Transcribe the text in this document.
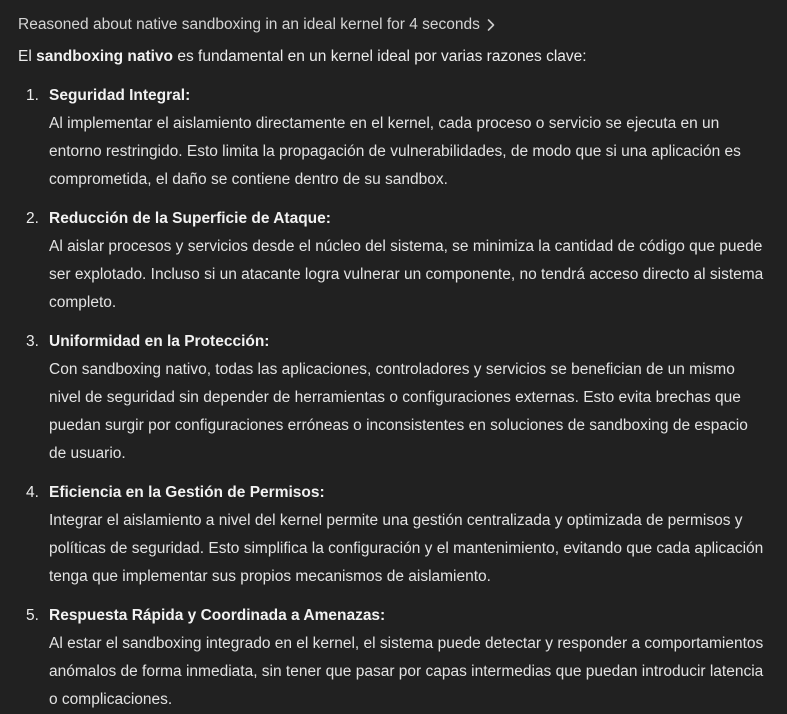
Reasoned about native sandboxing in an ideal kernel for 4 seconds
El sandboxing nativo es fundamental en un kernel ideal por varias razones clave:
1. Seguridad Integral:
Al implementar el aislamiento directamente en el kernel, cada proceso o servicio se ejecuta en un entorno restringido. Esto limita la propagación de vulnerabilidades, de modo que si una aplicación es comprometida, el daño se contiene dentro de su sandbox.
2. Reducción de la Superficie de Ataque:
Al aislar procesos y servicios desde el núcleo del sistema, se minimiza la cantidad de código que puede ser explotado. Incluso si un atacante logra vulnerar un componente, no tendrá acceso directo al sistema completo.
3. Uniformidad en la Protección:
Con sandboxing nativo, todas las aplicaciones, controladores y servicios se benefician de un mismo nivel de seguridad sin depender de herramientas o configuraciones externas. Esto evita brechas que puedan surgir por configuraciones erróneas o inconsistentes en soluciones de sandboxing de espacio de usuario.
4. Eficiencia en la Gestión de Permisos:
Integrar el aislamiento a nivel del kernel permite una gestión centralizada y optimizada de permisos y políticas de seguridad. Esto simplifica la configuración y el mantenimiento, evitando que cada aplicación tenga que implementar sus propios mecanismos de aislamiento.
5. Respuesta Rápida y Coordinada a Amenazas:
Al estar el sandboxing integrado en el kernel, el sistema puede detectar y responder a comportamientos anómalos de forma inmediata, sin tener que pasar por capas intermedias que puedan introducir latencia o complicaciones.
